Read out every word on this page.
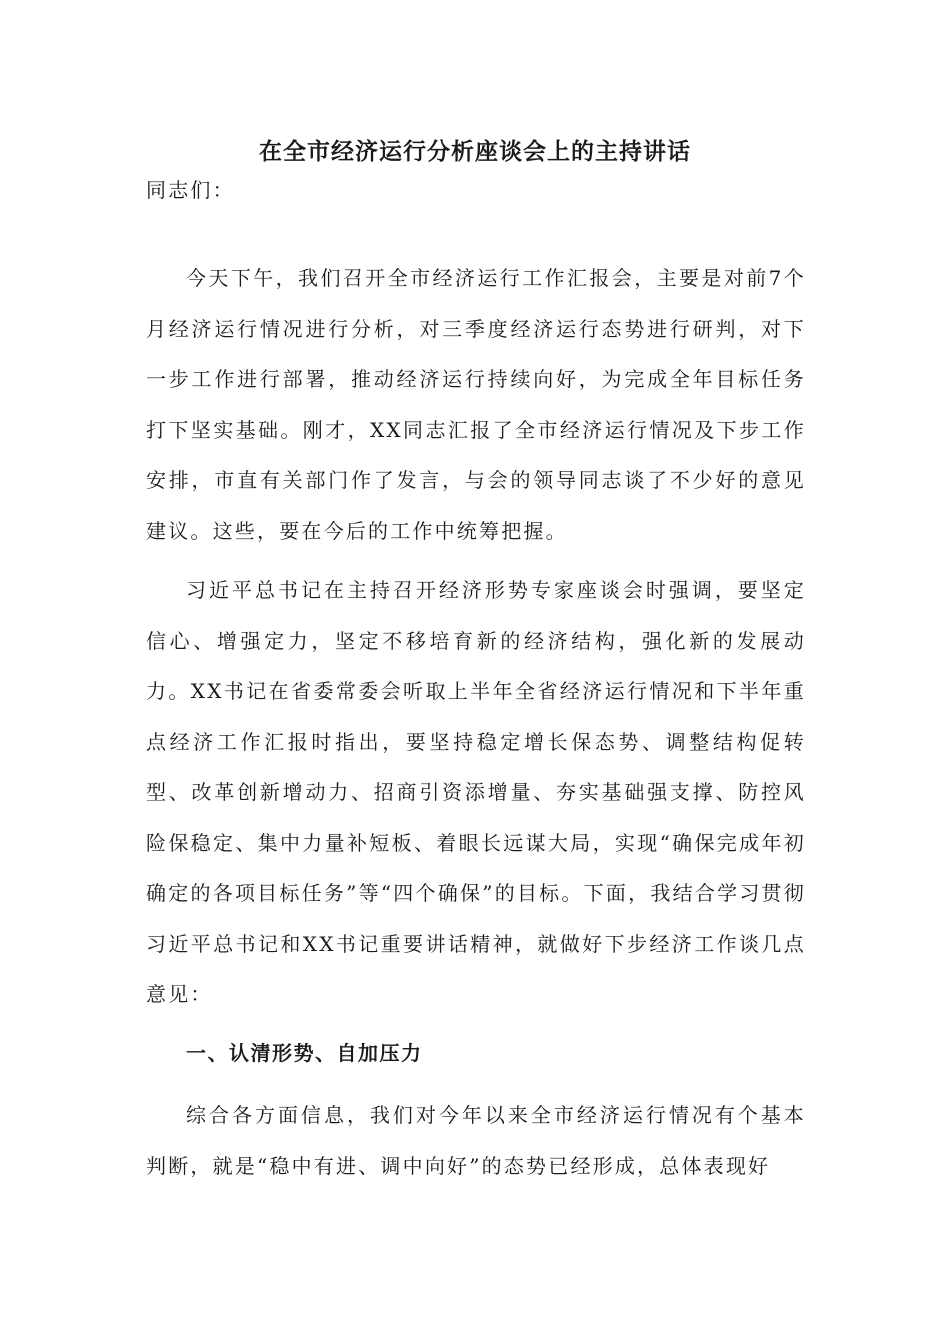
在全市经济运行分析座谈会上的主持讲话
同志们：
今天下午，我们召开全市经济运行工作汇报会，主要是对前7个月经济运行情况进行分析，对三季度经济运行态势进行研判，对下一步工作进行部署，推动经济运行持续向好，为完成全年目标任务打下坚实基础。刚才，XX同志汇报了全市经济运行情况及下步工作安排，市直有关部门作了发言，与会的领导同志谈了不少好的意见建议。这些，要在今后的工作中统筹把握。
习近平总书记在主持召开经济形势专家座谈会时强调，要坚定信心、增强定力，坚定不移培育新的经济结构，强化新的发展动力。XX书记在省委常委会听取上半年全省经济运行情况和下半年重点经济工作汇报时指出，要坚持稳定增长保态势、调整结构促转型、改革创新增动力、招商引资添增量、夯实基础强支撑、防控风险保稳定、集中力量补短板、着眼长远谋大局，实现“确保完成年初确定的各项目标任务”等“四个确保”的目标。下面，我结合学习贯彻习近平总书记和XX书记重要讲话精神，就做好下步经济工作谈几点意见：
一、认清形势、自加压力
综合各方面信息，我们对今年以来全市经济运行情况有个基本判断，就是“稳中有进、调中向好”的态势已经形成，总体表现好
